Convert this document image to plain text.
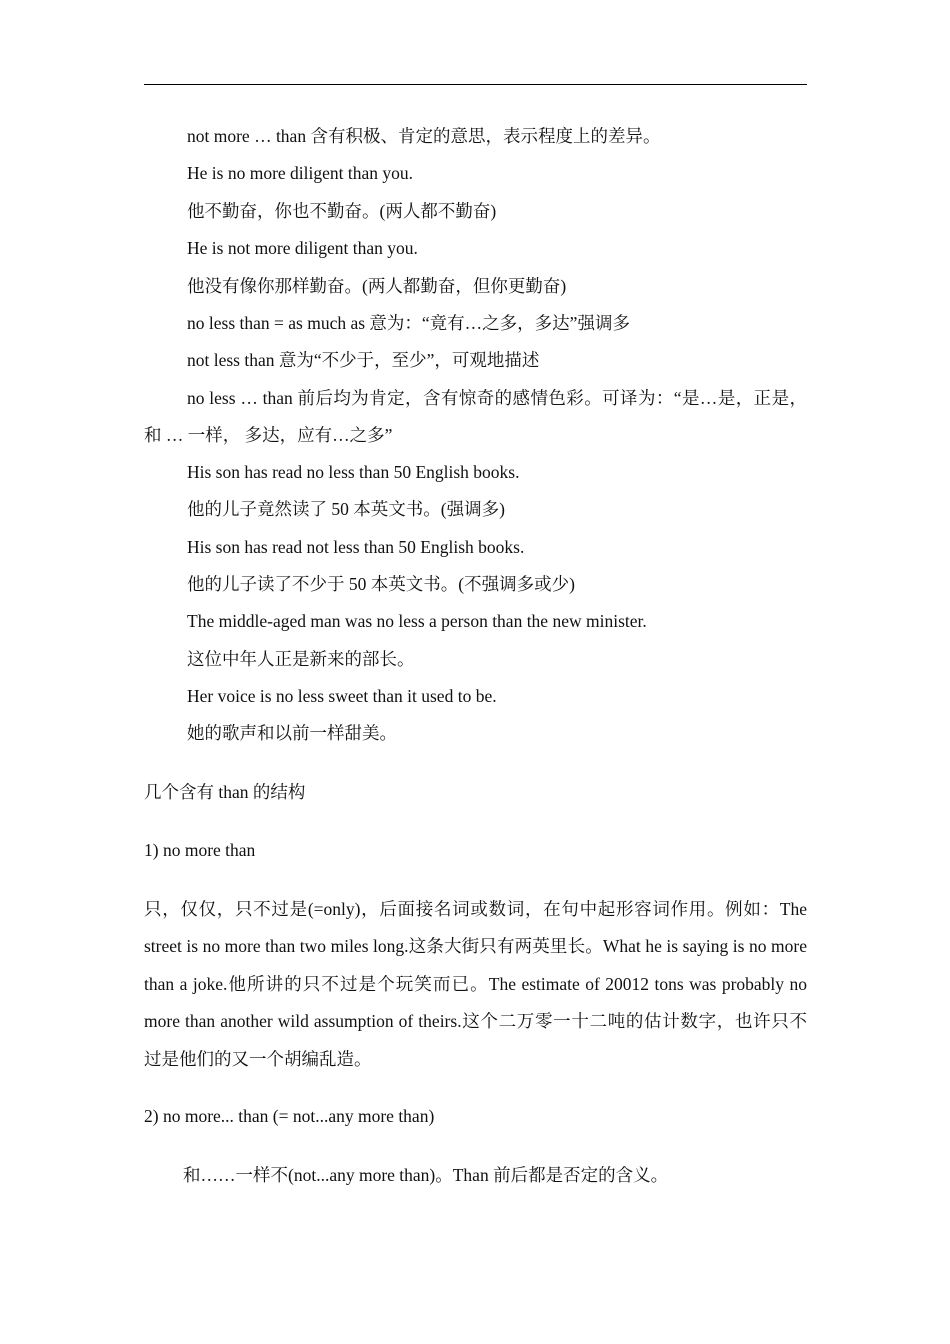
not more … than 含有积极、肯定的意思，表示程度上的差异。
He is no more diligent than you.
他不勤奋，你也不勤奋。(两人都不勤奋)
He is not more diligent than you.
他没有像你那样勤奋。(两人都勤奋，但你更勤奋)
no less than = as much as 意为：“竟有…之多，多达”强调多
not less than 意为“不少于，至少”，可观地描述
no less … than 前后均为肯定，含有惊奇的感情色彩。可译为：“是…是，正是， 和 … 一样， 多达，应有…之多”
His son has read no less than 50 English books.
他的儿子竟然读了 50 本英文书。(强调多)
His son has read not less than 50 English books.
他的儿子读了不少于 50 本英文书。(不强调多或少)
The middle-aged man was no less a person than the new minister.
这位中年人正是新来的部长。
Her voice is no less sweet than it used to be.
她的歌声和以前一样甜美。
几个含有 than 的结构
1) no more than
只，仅仅，只不过是(=only)，后面接名词或数词，在句中起形容词作用。例如：The street is no more than two miles long.这条大街只有两英里长。What he is saying is no more than a joke.他所讲的只不过是个玩笑而已。The estimate of 20012 tons was probably no more than another wild assumption of theirs.这个二万零一十二吨的估计数字，也许只不过是他们的又一个胡编乱造。
2) no more... than (= not...any more than)
和……一样不(not...any more than)。Than 前后都是否定的含义。
